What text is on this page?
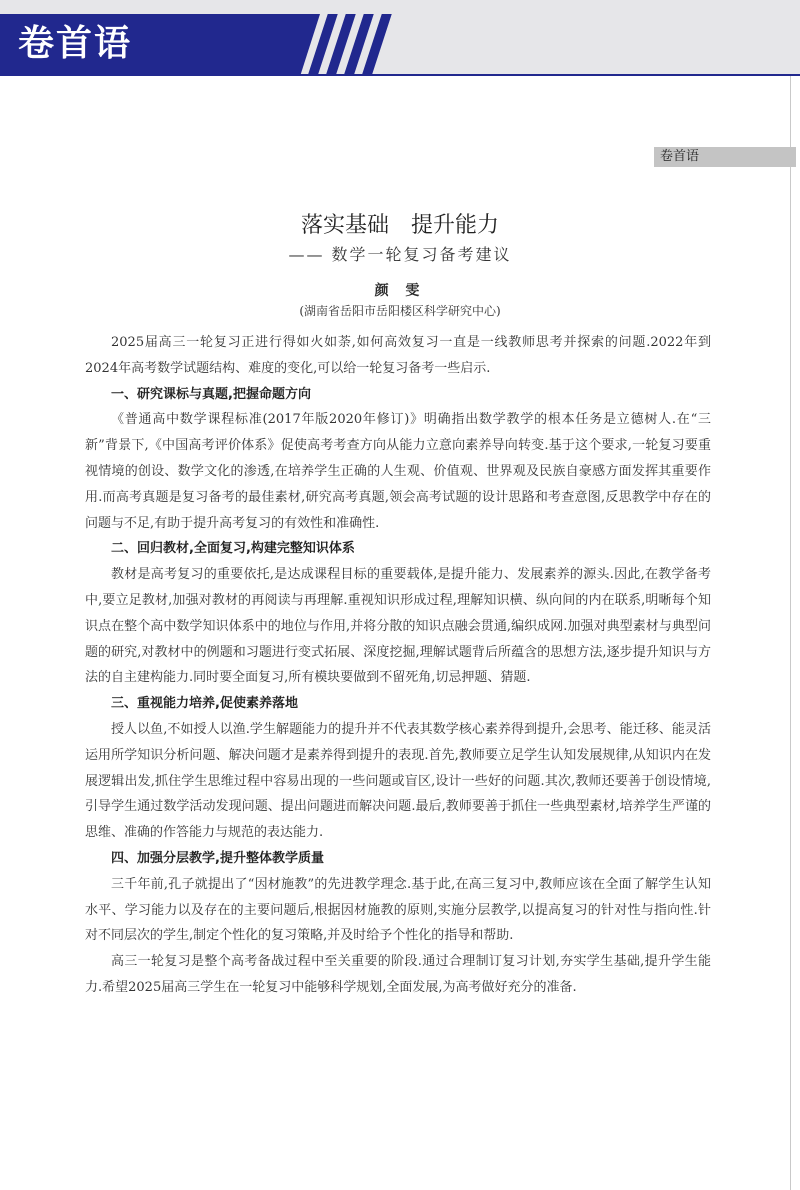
卷首语
卷首语
落实基础　提升能力
—— 数学一轮复习备考建议
颜 雯
(湖南省岳阳市岳阳楼区科学研究中心)

2025届高三一轮复习正进行得如火如荼,如何高效复习一直是一线教师思考并探索的问题.2022年到2024年高考数学试题结构、难度的变化,可以给一轮复习备考一些启示.

一、研究课标与真题,把握命题方向

《普通高中数学课程标准(2017年版2020年修订)》明确指出数学教学的根本任务是立德树人.在“三新”背景下,《中国高考评价体系》促使高考考查方向从能力立意向素养导向转变.基于这个要求,一轮复习要重视情境的创设、数学文化的渗透,在培养学生正确的人生观、价值观、世界观及民族自豪感方面发挥其重要作用.而高考真题是复习备考的最佳素材,研究高考真题,领会高考试题的设计思路和考查意图,反思教学中存在的问题与不足,有助于提升高考复习的有效性和准确性.

二、回归教材,全面复习,构建完整知识体系

教材是高考复习的重要依托,是达成课程目标的重要载体,是提升能力、发展素养的源头.因此,在教学备考中,要立足教材,加强对教材的再阅读与再理解.重视知识形成过程,理解知识横、纵向间的内在联系,明晰每个知识点在整个高中数学知识体系中的地位与作用,并将分散的知识点融会贯通,编织成网.加强对典型素材与典型问题的研究,对教材中的例题和习题进行变式拓展、深度挖掘,理解试题背后所蕴含的思想方法,逐步提升知识与方法的自主建构能力.同时要全面复习,所有模块要做到不留死角,切忌押题、猜题.

三、重视能力培养,促使素养落地

授人以鱼,不如授人以渔.学生解题能力的提升并不代表其数学核心素养得到提升,会思考、能迁移、能灵活运用所学知识分析问题、解决问题才是素养得到提升的表现.首先,教师要立足学生认知发展规律,从知识内在发展逻辑出发,抓住学生思维过程中容易出现的一些问题或盲区,设计一些好的问题.其次,教师还要善于创设情境,引导学生通过数学活动发现问题、提出问题进而解决问题.最后,教师要善于抓住一些典型素材,培养学生严谨的思维、准确的作答能力与规范的表达能力.

四、加强分层教学,提升整体教学质量

三千年前,孔子就提出了“因材施教”的先进教学理念.基于此,在高三复习中,教师应该在全面了解学生认知水平、学习能力以及存在的主要问题后,根据因材施教的原则,实施分层教学,以提高复习的针对性与指向性.针对不同层次的学生,制定个性化的复习策略,并及时给予个性化的指导和帮助.

高三一轮复习是整个高考备战过程中至关重要的阶段.通过合理制订复习计划,夯实学生基础,提升学生能力.希望2025届高三学生在一轮复习中能够科学规划,全面发展,为高考做好充分的准备.
